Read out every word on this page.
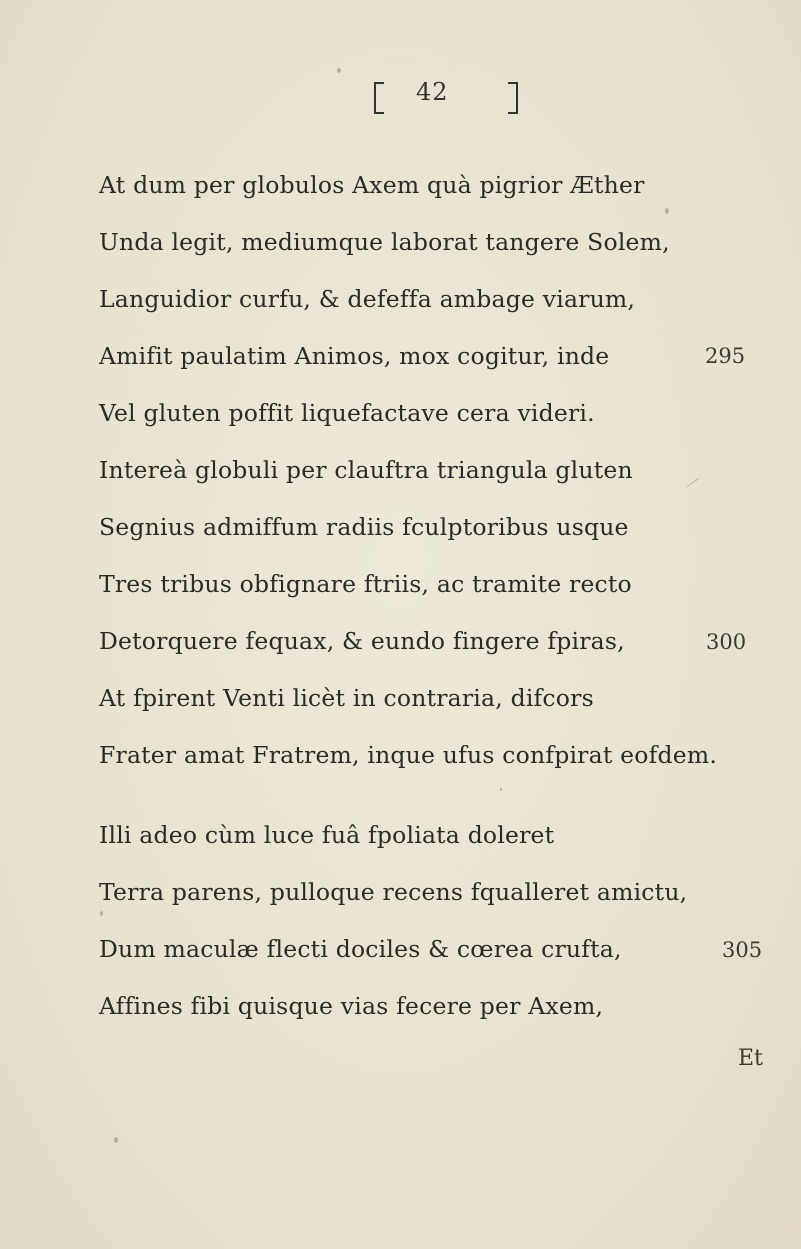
42
At dum per globulos Axem quà pigrior Æther
Unda legit, mediumque laborat tangere Solem,
Languidior curfu, & defeffa ambage viarum,
Amifit paulatim Animos, mox cogitur, inde
Vel gluten poffit liquefactave cera videri.
Intereà globuli per clauftra triangula gluten
Segnius admiffum radiis fculptoribus usque
Tres tribus obfignare ftriis, ac tramite recto
Detorquere fequax, & eundo fingere fpiras,
At fpirent Venti licèt in contraria, difcors
Frater amat Fratrem, inque ufus confpirat eofdem.
Illi adeo cùm luce fuâ fpoliata doleret
Terra parens, pulloque recens fqualleret amictu,
Dum maculæ flecti dociles & cœrea crufta,
Affines fibi quisque vias fecere per Axem,
295
300
305
Et
